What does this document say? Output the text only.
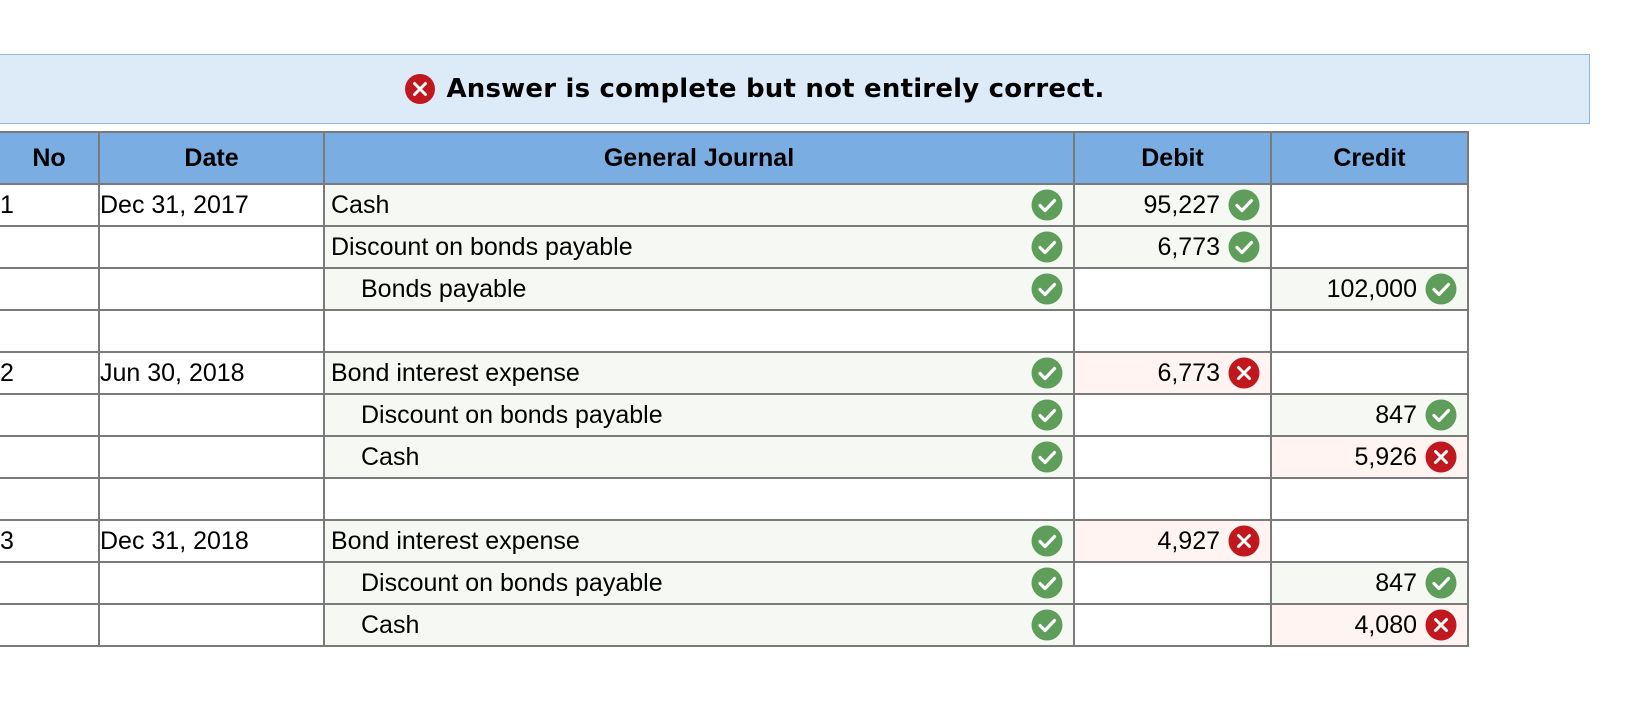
Answer is complete but not entirely correct.
No	Date	General Journal	Debit	Credit
1	Dec 31, 2017	Cash	95,227	

		Discount on bonds payable	6,773	

		Bonds payable		102,000

2	Jun 30, 2018	Bond interest expense	6,773	

		Discount on bonds payable		847

		Cash		5,926

3	Dec 31, 2018	Bond interest expense	4,927	

		Discount on bonds payable		847

		Cash		4,080
